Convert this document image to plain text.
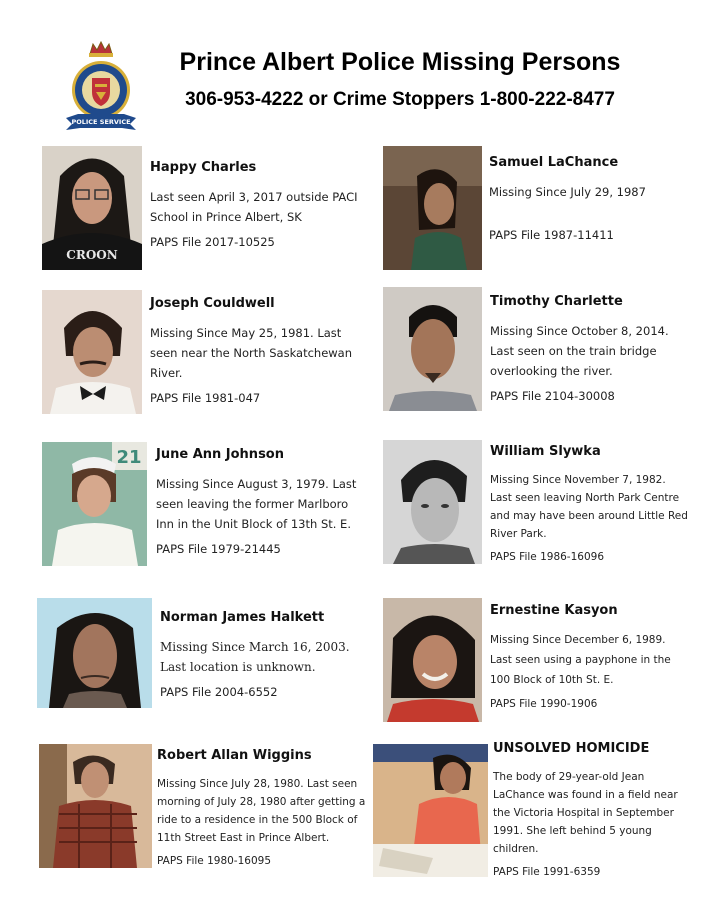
POLICE SERVICE
Prince Albert Police Missing Persons
306-953-4222 or Crime Stoppers 1-800-222-8477
CROON

Happy Charles

Last seen April 3, 2017 outside PACI School in Prince Albert, SK

PAPS File 2017-10525

Samuel LaChance

Missing Since July 29, 1987

PAPS File 1987-11411

Joseph Couldwell

Missing Since May 25, 1981. Last seen near the North Saskatchewan River.

PAPS File 1981-047

Timothy Charlette

Missing Since October 8, 2014. Last seen on the train bridge overlooking the river.

PAPS File 2104-30008
21 June Ann Johnson

Missing Since August 3, 1979. Last seen leaving the former Marlboro Inn in the Unit Block of 13th St. E.

PAPS File 1979-21445

William Slywka

Missing Since November 7, 1982. Last seen leaving North Park Centre and may have been around Little Red River Park.

PAPS File 1986-16096

Norman James Halkett

Missing Since March 16, 2003. Last location is unknown.

PAPS File 2004-6552

Ernestine Kasyon

Missing Since December 6, 1989. Last seen using a payphone in the 100 Block of 10th St. E.

PAPS File 1990-1906

Robert Allan Wiggins

Missing Since July 28, 1980. Last seen morning of July 28, 1980 after getting a ride to a residence in the 500 Block of 11th Street East in Prince Albert.

PAPS File 1980-16095

UNSOLVED HOMICIDE

The body of 29-year-old Jean LaChance was found in a field near the Victoria Hospital in September 1991. She left behind 5 young children.

PAPS File 1991-6359
